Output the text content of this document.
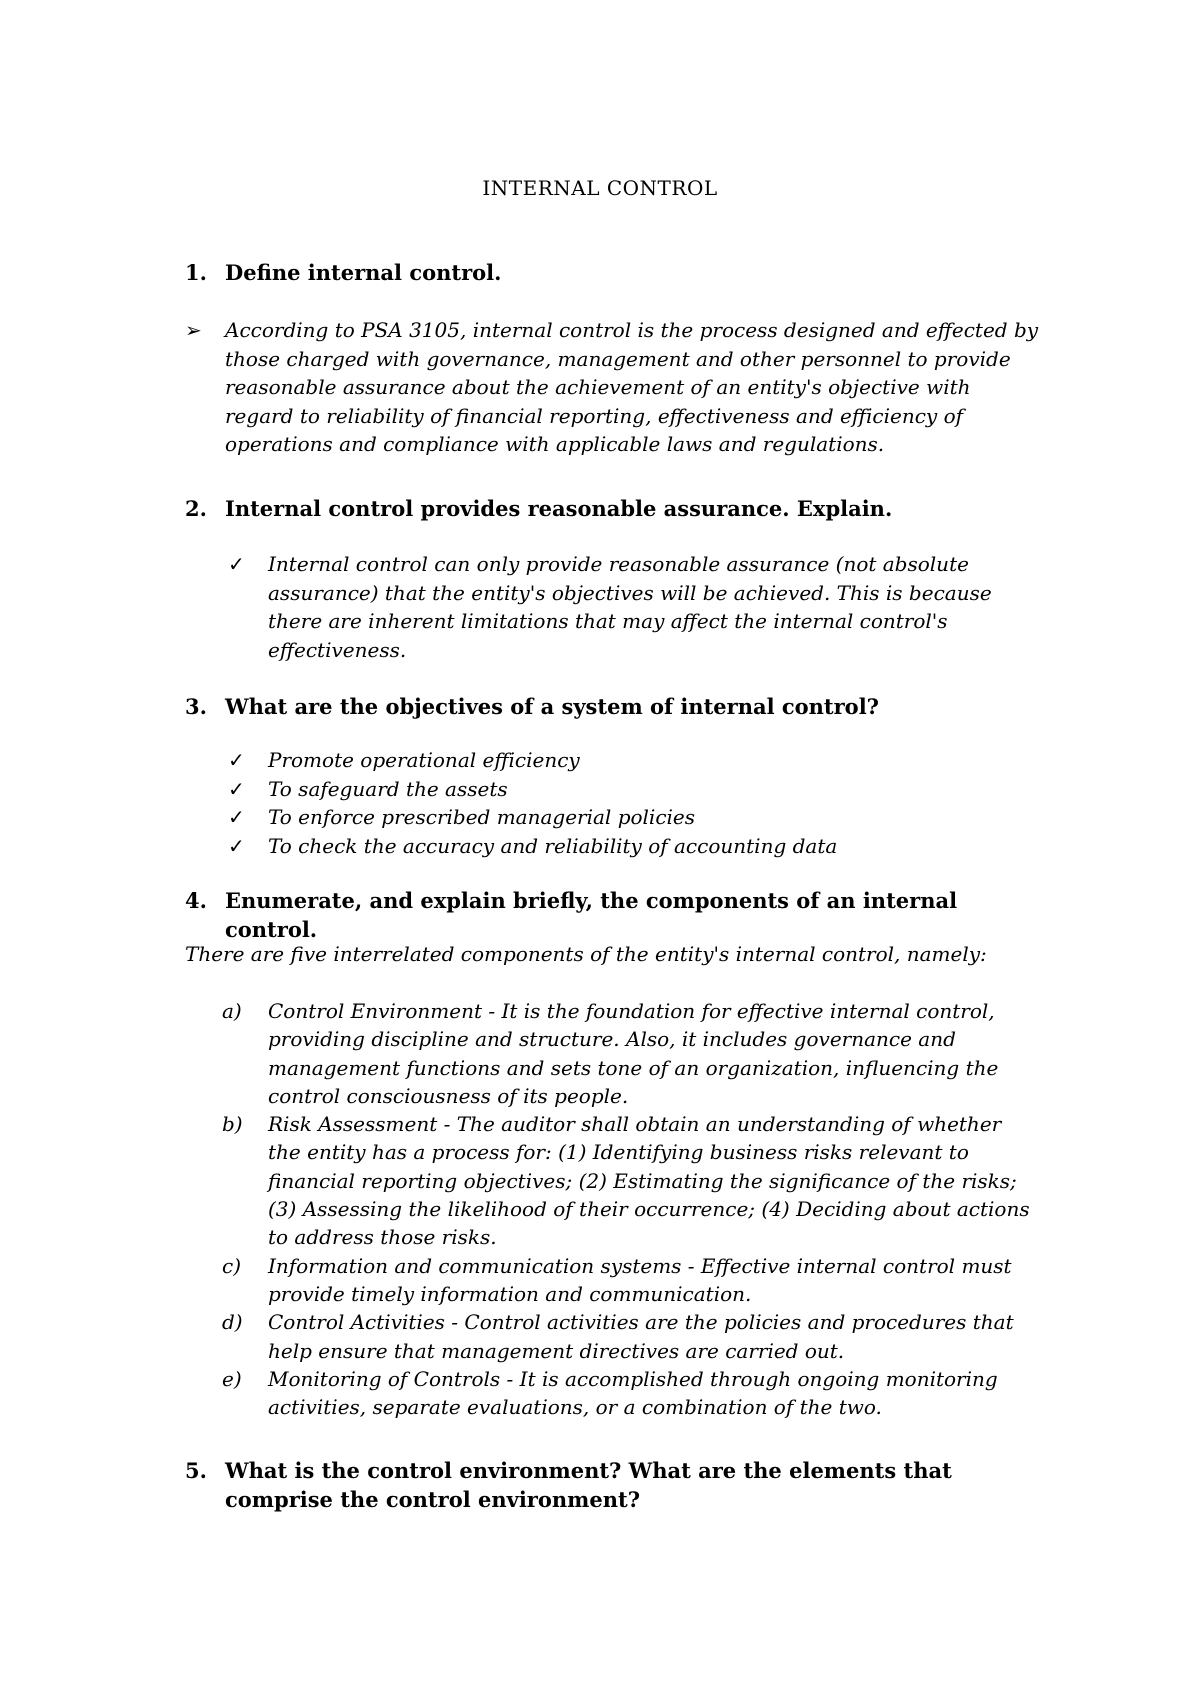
INTERNAL CONTROL
1. Define internal control.
➢ According to PSA 3105, internal control is the process designed and effected by
those charged with governance, management and other personnel to provide
reasonable assurance about the achievement of an entity's objective with
regard to reliability of financial reporting, effectiveness and efficiency of
operations and compliance with applicable laws and regulations.
2. Internal control provides reasonable assurance. Explain.
✓ Internal control can only provide reasonable assurance (not absolute
assurance) that the entity's objectives will be achieved. This is because
there are inherent limitations that may affect the internal control's
effectiveness.
3. What are the objectives of a system of internal control?
✓ Promote operational efficiency
✓ To safeguard the assets
✓ To enforce prescribed managerial policies
✓ To check the accuracy and reliability of accounting data
4. Enumerate, and explain briefly, the components of an internal control.
There are five interrelated components of the entity's internal control, namely:
a) Control Environment - It is the foundation for effective internal control,
providing discipline and structure. Also, it includes governance and
management functions and sets tone of an organization, influencing the
control consciousness of its people.
b) Risk Assessment - The auditor shall obtain an understanding of whether
the entity has a process for: (1) Identifying business risks relevant to
financial reporting objectives; (2) Estimating the significance of the risks;
(3) Assessing the likelihood of their occurrence; (4) Deciding about actions
to address those risks.
c) Information and communication systems - Effective internal control must
provide timely information and communication.
d) Control Activities - Control activities are the policies and procedures that
help ensure that management directives are carried out.
e) Monitoring of Controls - It is accomplished through ongoing monitoring
activities, separate evaluations, or a combination of the two.
5. What is the control environment? What are the elements that comprise the control environment?
